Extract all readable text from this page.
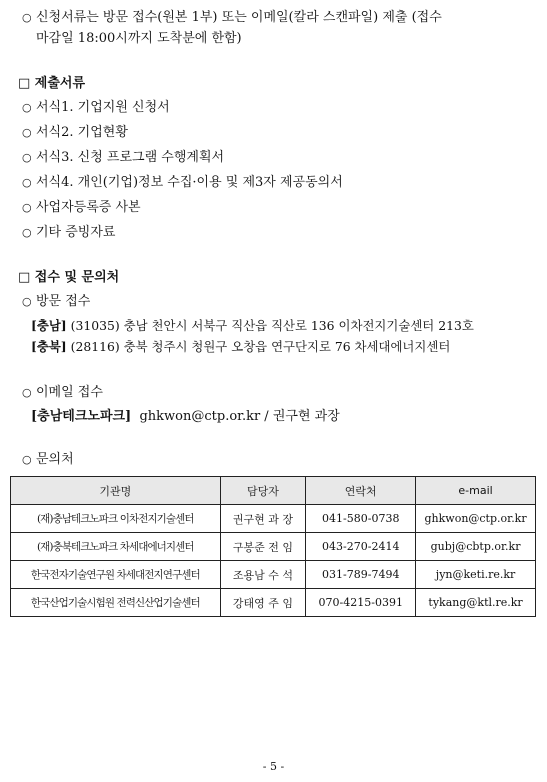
○ 신청서류는 방문 접수(원본 1부) 또는 이메일(칼라 스캔파일) 제출 (접수
마감일 18:00시까지 도착분에 한함)
□ 제출서류
○ 서식1. 기업지원 신청서
○ 서식2. 기업현황
○ 서식3. 신청 프로그램 수행계획서
○ 서식4. 개인(기업)정보 수집·이용 및 제3자 제공동의서
○ 사업자등록증 사본
○ 기타 증빙자료
□ 접수 및 문의처
○ 방문 접수
[충남] (31035) 충남 천안시 서북구 직산읍 직산로 136 이차전지기술센터 213호
[충북] (28116) 충북 청주시 청원구 오창읍 연구단지로 76 차세대에너지센터
○ 이메일 접수
[충남테크노파크] ghkwon@ctp.or.kr / 권구현 과장
○ 문의처
기관명	담당자	연락처	e-mail
(재)충남테크노파크 이차전지기술센터	권구현 과 장	041-580-0738	ghkwon@ctp.or.kr
(재)충북테크노파크 차세대에너지센터	구봉준 전 임	043-270-2414	gubj@cbtp.or.kr
한국전자기술연구원 차세대전지연구센터	조용남 수 석	031-789-7494	jyn@keti.re.kr
한국산업기술시험원 전력신산업기술센터	강태영 주 임	070-4215-0391	tykang@ktl.re.kr
- 5 -
